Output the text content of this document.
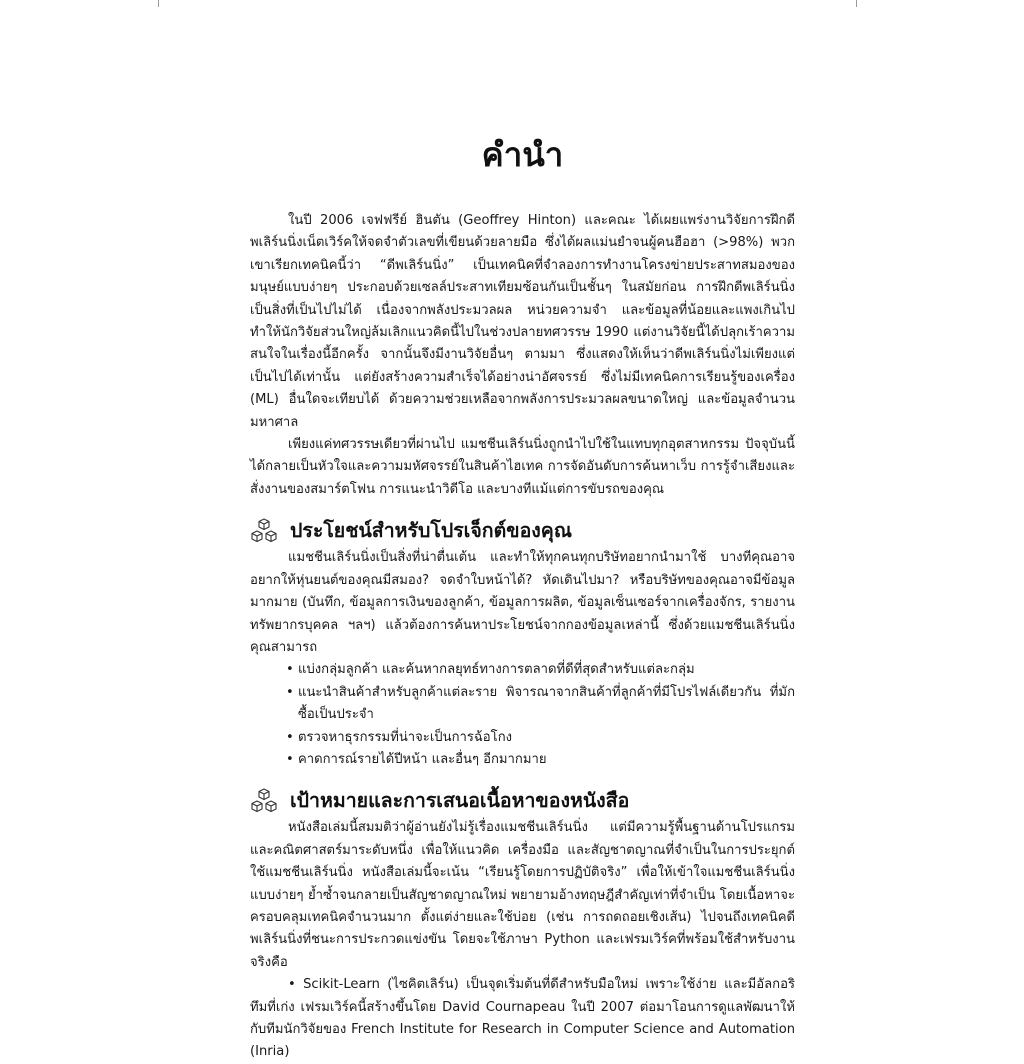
คำนำ

ในปี 2006 เจฟฟรีย์ ฮินตัน (Geoffrey Hinton) และคณะ ได้เผยแพร่งานวิจัยการฝึกดีพเลิร์นนิ่งเน็ตเวิร์คให้จดจำตัวเลขที่เขียนด้วยลายมือ ซึ่งได้ผลแม่นยำจนผู้คนฮือฮา (>98%) พวกเขาเรียกเทคนิคนี้ว่า “ดีพเลิร์นนิ่ง” เป็นเทคนิคที่จำลองการทำงานโครงข่ายประสาทสมองของมนุษย์แบบง่ายๆ ประกอบด้วยเซลล์ประสาทเทียมซ้อนกันเป็นชั้นๆ ในสมัยก่อน การฝึกดีพเลิร์นนิ่งเป็นสิ่งที่เป็นไปไม่ได้ เนื่องจากพลังประมวลผล หน่วยความจำ และข้อมูลที่น้อยและแพงเกินไป ทำให้นักวิจัยส่วนใหญ่ล้มเลิกแนวคิดนี้ไปในช่วงปลายทศวรรษ 1990 แต่งานวิจัยนี้ได้ปลุกเร้าความสนใจในเรื่องนี้อีกครั้ง จากนั้นจึงมีงานวิจัยอื่นๆ ตามมา ซึ่งแสดงให้เห็นว่าดีพเลิร์นนิ่งไม่เพียงแต่เป็นไปได้เท่านั้น แต่ยังสร้างความสำเร็จได้อย่างน่าอัศจรรย์ ซึ่งไม่มีเทคนิคการเรียนรู้ของเครื่อง (ML) อื่นใดจะเทียบได้ ด้วยความช่วยเหลือจากพลังการประมวลผลขนาดใหญ่ และข้อมูลจำนวนมหาศาล

เพียงแค่ทศวรรษเดียวที่ผ่านไป แมชชีนเลิร์นนิ่งถูกนำไปใช้ในแทบทุกอุตสาหกรรม ปัจจุบันนี้ได้กลายเป็นหัวใจและความมหัศจรรย์ในสินค้าไฮเทค การจัดอันดับการค้นหาเว็บ การรู้จำเสียงและสั่งงานของสมาร์ตโฟน การแนะนำวิดีโอ และบางทีแม้แต่การขับรถของคุณ

ประโยชน์สำหรับโปรเจ็กต์ของคุณ

แมชชีนเลิร์นนิ่งเป็นสิ่งที่น่าตื่นเต้น และทำให้ทุกคนทุกบริษัทอยากนำมาใช้ บางทีคุณอาจอยากให้หุ่นยนต์ของคุณมีสมอง? จดจำใบหน้าได้? หัดเดินไปมา? หรือบริษัทของคุณอาจมีข้อมูลมากมาย (บันทึก, ข้อมูลการเงินของลูกค้า, ข้อมูลการผลิต, ข้อมูลเซ็นเซอร์จากเครื่องจักร, รายงานทรัพยากรบุคคล ฯลฯ) แล้วต้องการค้นหาประโยชน์จากกองข้อมูลเหล่านี้ ซึ่งด้วยแมชชีนเลิร์นนิ่งคุณสามารถ

• แบ่งกลุ่มลูกค้า และค้นหากลยุทธ์ทางการตลาดที่ดีที่สุดสำหรับแต่ละกลุ่ม
• แนะนำสินค้าสำหรับลูกค้าแต่ละราย พิจารณาจากสินค้าที่ลูกค้าที่มีโปรไฟล์เดียวกัน ที่มักซื้อเป็นประจำ
• ตรวจหาธุรกรรมที่น่าจะเป็นการฉ้อโกง
• คาดการณ์รายได้ปีหน้า และอื่นๆ อีกมากมาย
เป้าหมายและการเสนอเนื้อหาของหนังสือ

หนังสือเล่มนี้สมมติว่าผู้อ่านยังไม่รู้เรื่องแมชชีนเลิร์นนิ่ง แต่มีความรู้พื้นฐานด้านโปรแกรมและคณิตศาสตร์มาระดับหนึ่ง เพื่อให้แนวคิด เครื่องมือ และสัญชาตญาณที่จำเป็นในการประยุกต์ใช้แมชชีนเลิร์นนิ่ง หนังสือเล่มนี้จะเน้น “เรียนรู้โดยการปฏิบัติจริง” เพื่อให้เข้าใจแมชชีนเลิร์นนิ่งแบบง่ายๆ ย้ำซ้ำจนกลายเป็นสัญชาตญาณใหม่ พยายามอ้างทฤษฎีสำคัญเท่าที่จำเป็น โดยเนื้อหาจะครอบคลุมเทคนิคจำนวนมาก ตั้งแต่ง่ายและใช้บ่อย (เช่น การถดถอยเชิงเส้น) ไปจนถึงเทคนิคดีพเลิร์นนิ่งที่ชนะการประกวดแข่งขัน โดยจะใช้ภาษา Python และเฟรมเวิร์คที่พร้อมใช้สำหรับงานจริงคือ

• Scikit-Learn (ไซคิตเลิร์น) เป็นจุดเริ่มต้นที่ดีสำหรับมือใหม่ เพราะใช้ง่าย และมีอัลกอริทึมที่เก่ง เฟรมเวิร์คนี้สร้างขึ้นโดย David Cournapeau ในปี 2007 ต่อมาโอนการดูแลพัฒนาให้กับทีมนักวิจัยของ French Institute for Research in Computer Science and Automation (Inria)
